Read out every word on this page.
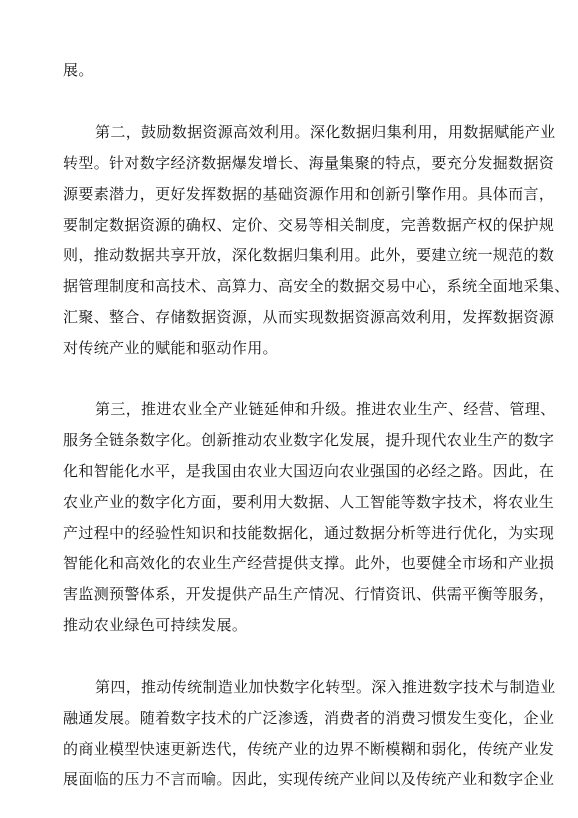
展。
第二，鼓励数据资源高效利用。深化数据归集利用，用数据赋能产业
转型。针对数字经济数据爆发增长、海量集聚的特点，要充分发掘数据资
源要素潜力，更好发挥数据的基础资源作用和创新引擎作用。具体而言，
要制定数据资源的确权、定价、交易等相关制度，完善数据产权的保护规
则，推动数据共享开放，深化数据归集利用。此外，要建立统一规范的数
据管理制度和高技术、高算力、高安全的数据交易中心，系统全面地采集、
汇聚、整合、存储数据资源，从而实现数据资源高效利用，发挥数据资源
对传统产业的赋能和驱动作用。
第三，推进农业全产业链延伸和升级。推进农业生产、经营、管理、
服务全链条数字化。创新推动农业数字化发展，提升现代农业生产的数字
化和智能化水平，是我国由农业大国迈向农业强国的必经之路。因此，在
农业产业的数字化方面，要利用大数据、人工智能等数字技术，将农业生
产过程中的经验性知识和技能数据化，通过数据分析等进行优化，为实现
智能化和高效化的农业生产经营提供支撑。此外，也要健全市场和产业损
害监测预警体系，开发提供产品生产情况、行情资讯、供需平衡等服务，
推动农业绿色可持续发展。
第四，推动传统制造业加快数字化转型。深入推进数字技术与制造业
融通发展。随着数字技术的广泛渗透，消费者的消费习惯发生变化，企业
的商业模型快速更新迭代，传统产业的边界不断模糊和弱化，传统产业发
展面临的压力不言而喻。因此，实现传统产业间以及传统产业和数字企业
